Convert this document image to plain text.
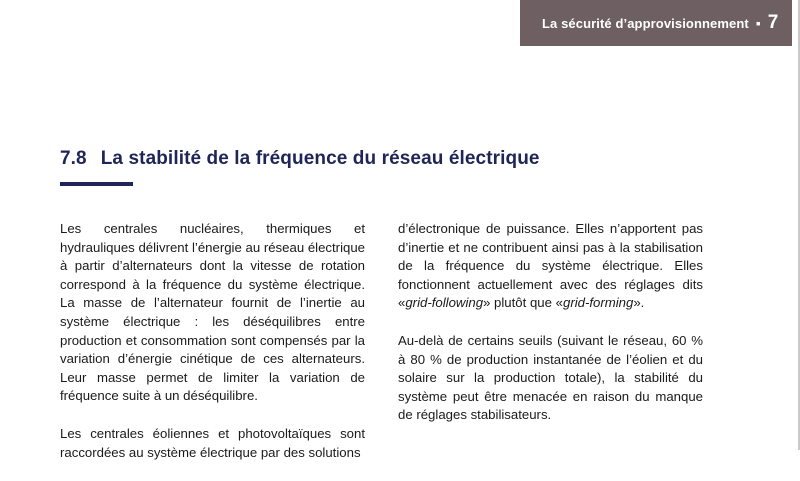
La sécurité d’approvisionnement ▪ 7
7.8 La stabilité de la fréquence du réseau électrique

Les centrales nucléaires, thermiques et hydrauliques délivrent l’énergie au réseau électrique à partir d’alternateurs dont la vitesse de rotation correspond à la fréquence du système électrique. La masse de l’alternateur fournit de l’inertie au système électrique : les déséquilibres entre production et consommation sont compensés par la variation d’énergie cinétique de ces alternateurs. Leur masse permet de limiter la variation de fréquence suite à un déséquilibre.

Les centrales éoliennes et photovoltaïques sont raccordées au système électrique par des solutions

d’électronique de puissance. Elles n’apportent pas d’inertie et ne contribuent ainsi pas à la stabilisation de la fréquence du système électrique. Elles fonctionnent actuellement avec des réglages dits «grid-following» plutôt que «grid-forming».

Au-delà de certains seuils (suivant le réseau, 60 % à 80 % de production instantanée de l’éolien et du solaire sur la production totale), la stabilité du système peut être menacée en raison du manque de réglages stabilisateurs.
